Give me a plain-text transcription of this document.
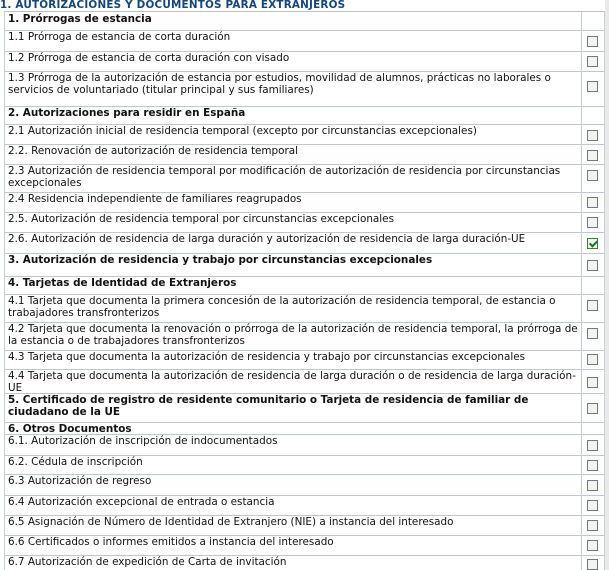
1. AUTORIZACIONES Y DOCUMENTOS PARA EXTRANJEROS
1. Prórrogas de estancia
1.1 Prórroga de estancia de corta duración
1.2 Prórroga de estancia de corta duración con visado
1.3 Prórroga de la autorización de estancia por estudios, movilidad de alumnos, prácticas no laborales o servicios de voluntariado (titular principal y sus familiares)
2. Autorizaciones para residir en España
2.1 Autorización inicial de residencia temporal (excepto por circunstancias excepcionales)
2.2. Renovación de autorización de residencia temporal
2.3 Autorización de residencia temporal por modificación de autorización de residencia por circunstancias excepcionales
2.4 Residencia independiente de familiares reagrupados
2.5. Autorización de residencia temporal por circunstancias excepcionales
2.6. Autorización de residencia de larga duración y autorización de residencia de larga duración-UE
3. Autorización de residencia y trabajo por circunstancias excepcionales
4. Tarjetas de Identidad de Extranjeros
4.1 Tarjeta que documenta la primera concesión de la autorización de residencia temporal, de estancia o trabajadores transfronterizos
4.2 Tarjeta que documenta la renovación o prórroga de la autorización de residencia temporal, la prórroga de la estancia o de trabajadores transfronterizos
4.3 Tarjeta que documenta la autorización de residencia y trabajo por circunstancias excepcionales
4.4 Tarjeta que documenta la autorización de residencia de larga duración o de residencia de larga duración-UE
5. Certificado de registro de residente comunitario o Tarjeta de residencia de familiar de ciudadano de la UE
6. Otros Documentos
6.1. Autorización de inscripción de indocumentados
6.2. Cédula de inscripción
6.3 Autorización de regreso
6.4 Autorización excepcional de entrada o estancia
6.5 Asignación de Número de Identidad de Extranjero (NIE) a instancia del interesado
6.6 Certificados o informes emitidos a instancia del interesado
6.7 Autorización de expedición de Carta de invitación
